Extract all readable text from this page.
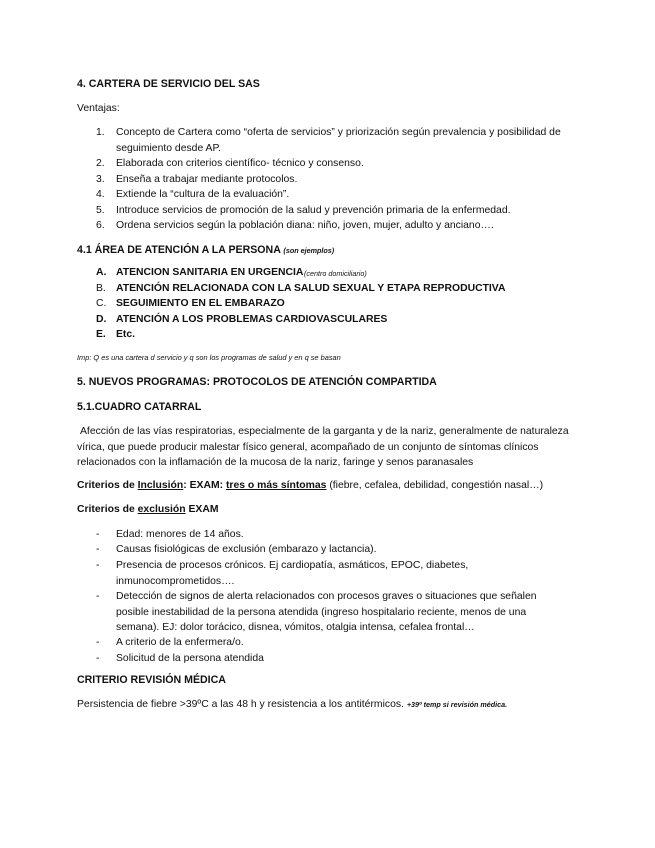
4. CARTERA DE SERVICIO DEL SAS
Ventajas:
1. Concepto de Cartera como “oferta de servicios” y priorización según prevalencia y posibilidad de seguimiento desde AP.
2. Elaborada con criterios científico- técnico y consenso.
3. Enseña a trabajar mediante protocolos.
4. Extiende la “cultura de la evaluación”.
5. Introduce servicios de promoción de la salud y prevención primaria de la enfermedad.
6. Ordena servicios según la población diana: niño, joven, mujer, adulto y anciano….
4.1 ÁREA DE ATENCIÓN A LA PERSONA (son ejemplos)
A. ATENCION SANITARIA EN URGENCIA (centro domiciliario)
B. ATENCIÓN RELACIONADA CON LA SALUD SEXUAL Y ETAPA REPRODUCTIVA
C. SEGUIMIENTO EN EL EMBARAZO
D. ATENCIÓN A LOS PROBLEMAS CARDIOVASCULARES
E. Etc.
Imp: Q es una cartera d servicio y q son los programas de salud y en q se basan
5. NUEVOS PROGRAMAS: PROTOCOLOS DE ATENCIÓN COMPARTIDA
5.1.CUADRO CATARRAL
Afección de las vías respiratorias, especialmente de la garganta y de la nariz, generalmente de naturaleza vírica, que puede producir malestar físico general, acompañado de un conjunto de síntomas clínicos relacionados con la inflamación de la mucosa de la nariz, faringe y senos paranasales
Criterios de Inclusión: EXAM: tres o más síntomas (fiebre, cefalea, debilidad, congestión nasal…)
Criterios de exclusión EXAM
- Edad: menores de 14 años.
- Causas fisiológicas de exclusión (embarazo y lactancia).
- Presencia de procesos crónicos. Ej cardiopatía, asmáticos, EPOC, diabetes, inmunocomprometidos….
- Detección de signos de alerta relacionados con procesos graves o situaciones que señalen posible inestabilidad de la persona atendida (ingreso hospitalario reciente, menos de una semana). EJ: dolor torácico, disnea, vómitos, otalgia intensa, cefalea frontal…
- A criterio de la enfermera/o.
- Solicitud de la persona atendida
CRITERIO REVISIÓN MÉDICA
Persistencia de fiebre >39ºC a las 48 h y resistencia a los antitérmicos. +39º temp si revisión médica.
